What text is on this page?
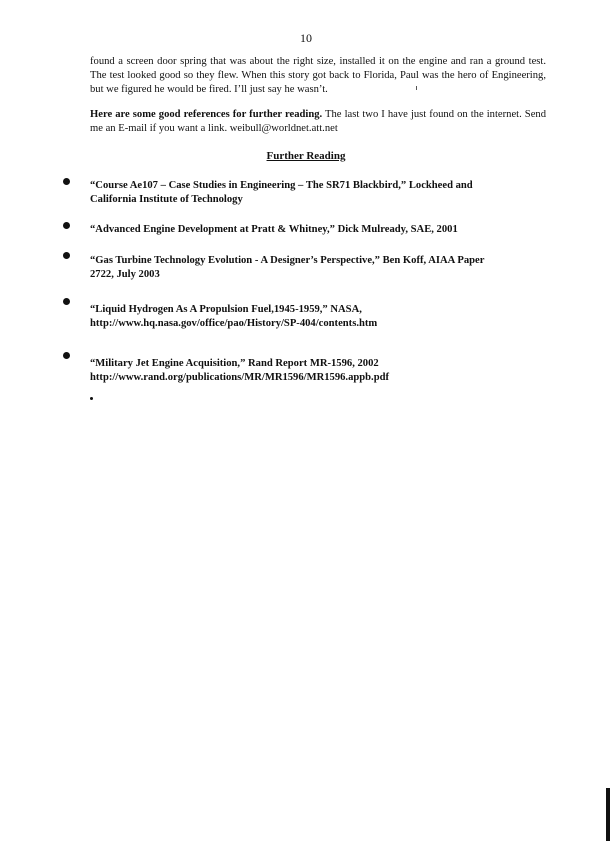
10
found a screen door spring that was about the right size, installed it on the engine and ran a ground test. The test looked good so they flew. When this story got back to Florida, Paul was the hero of Engineering, but we figured he would be fired. I’ll just say he wasn’t.
Here are some good references for further reading. The last two I have just found on the internet. Send me an E-mail if you want a link. weibull@worldnet.att.net
Further Reading
“Course Ae107 – Case Studies in Engineering – The SR71 Blackbird,” Lockheed and
California Institute of Technology
“Advanced Engine Development at Pratt & Whitney,” Dick Mulready, SAE, 2001
“Gas Turbine Technology Evolution - A Designer’s Perspective,” Ben Koff, AIAA Paper
2722, July 2003
“Liquid Hydrogen As A Propulsion Fuel,1945-1959,” NASA,
http://www.hq.nasa.gov/office/pao/History/SP-404/contents.htm
“Military Jet Engine Acquisition,” Rand Report MR-1596, 2002
http://www.rand.org/publications/MR/MR1596/MR1596.appb.pdf
